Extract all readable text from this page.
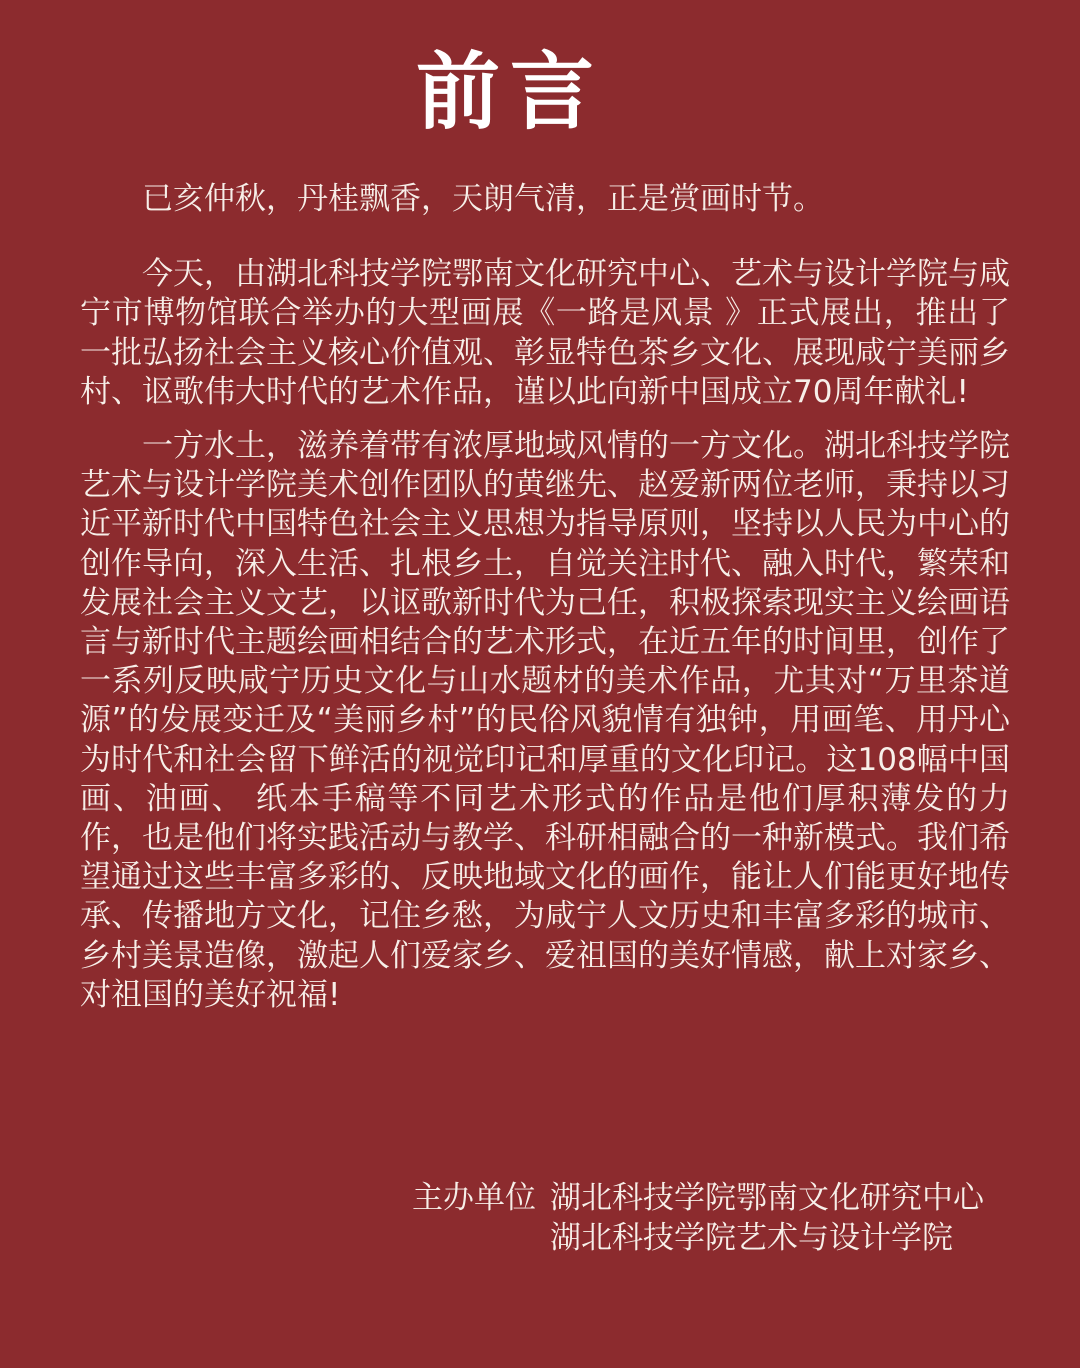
前言

已亥仲秋，丹桂飘香，天朗气清，正是赏画时节。

今天，由湖北科技学院鄂南文化研究中心、艺术与设计学院与咸宁市博物馆联合举办的大型画展《一路是风景 》正式展出，推出了一批弘扬社会主义核心价值观、彰显特色茶乡文化、展现咸宁美丽乡村、讴歌伟大时代的艺术作品，谨以此向新中国成立70周年献礼!

一方水土，滋养着带有浓厚地域风情的一方文化。湖北科技学院艺术与设计学院美术创作团队的黄继先、赵爱新两位老师，秉持以习近平新时代中国特色社会主义思想为指导原则，坚持以人民为中心的创作导向，深入生活、扎根乡土，自觉关注时代、融入时代，繁荣和发展社会主义文艺，以讴歌新时代为己任，积极探索现实主义绘画语言与新时代主题绘画相结合的艺术形式，在近五年的时间里，创作了一系列反映咸宁历史文化与山水题材的美术作品，尤其对“万里茶道源”的发展变迁及“美丽乡村”的民俗风貌情有独钟，用画笔、用丹心为时代和社会留下鲜活的视觉印记和厚重的文化印记。这108幅中国画、油画、 纸本手稿等不同艺术形式的作品是他们厚积薄发的力作，也是他们将实践活动与教学、科研相融合的一种新模式。我们希望通过这些丰富多彩的、反映地域文化的画作，能让人们能更好地传承、传播地方文化，记住乡愁，为咸宁人文历史和丰富多彩的城市、乡村美景造像，激起人们爱家乡、爱祖国的美好情感，献上对家乡、对祖国的美好祝福!

主办单位 湖北科技学院鄂南文化研究中心
湖北科技学院艺术与设计学院
